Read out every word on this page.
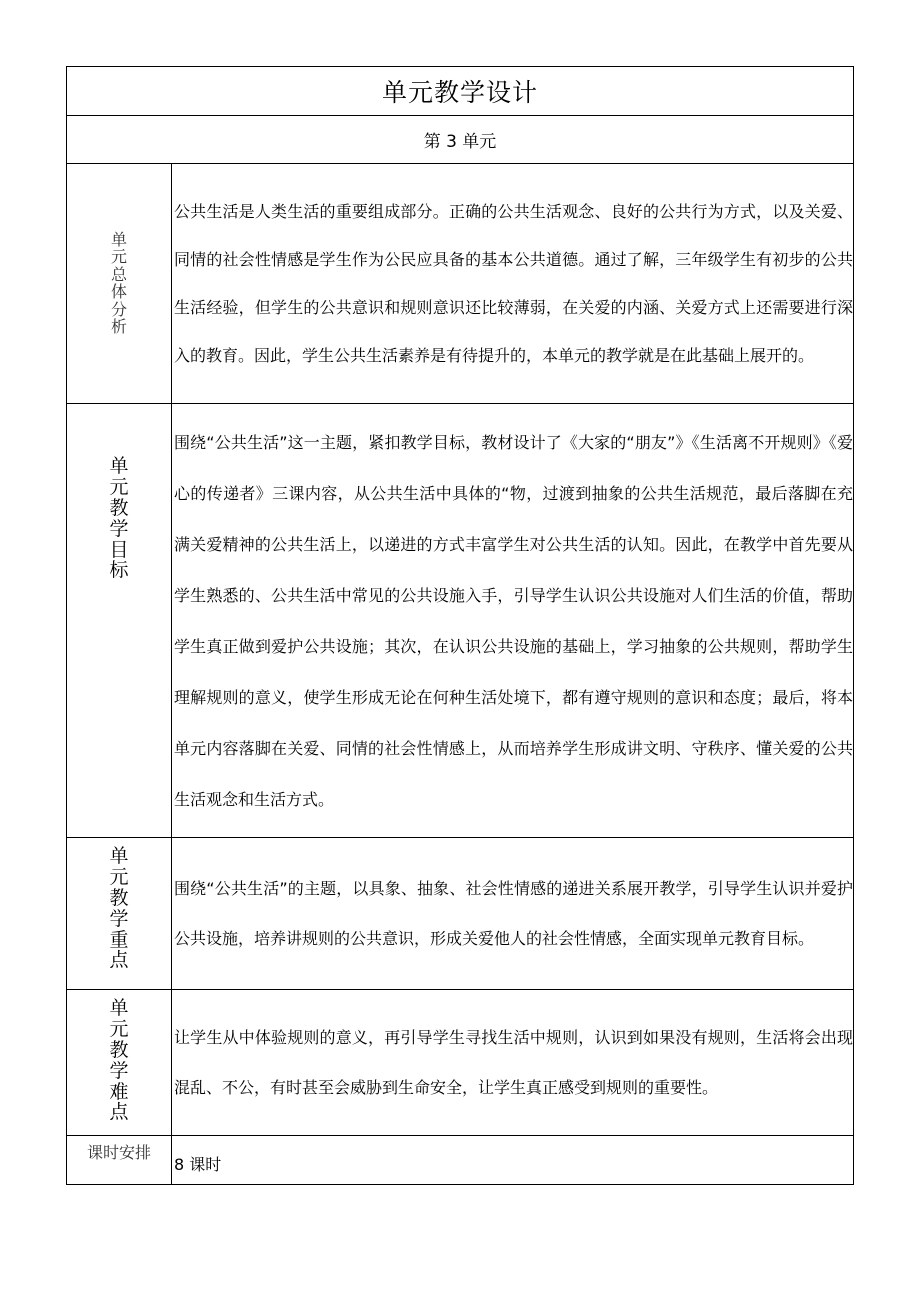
单元教学设计	
第 3 单元	
单元总体分析	公共生活是人类生活的重要组成部分。正确的公共生活观念、良好的公共行为方式，以及关爱、同情的社会性情感是学生作为公民应具备的基本公共道德。通过了解，三年级学生有初步的公共生活经验，但学生的公共意识和规则意识还比较薄弱，在关爱的内涵、关爱方式上还需要进行深入的教育。因此，学生公共生活素养是有待提升的，本单元的教学就是在此基础上展开的。
单元教学目标	围绕“公共生活”这一主题，紧扣教学目标，教材设计了《大家的“朋友”》《生活离不开规则》《爱心的传递者》三课内容，从公共生活中具体的“物，过渡到抽象的公共生活规范，最后落脚在充满关爱精神的公共生活上，以递进的方式丰富学生对公共生活的认知。因此，在教学中首先要从学生熟悉的、公共生活中常见的公共设施入手，引导学生认识公共设施对人们生活的价值，帮助学生真正做到爱护公共设施；其次，在认识公共设施的基础上，学习抽象的公共规则，帮助学生理解规则的意义，使学生形成无论在何种生活处境下，都有遵守规则的意识和态度；最后，将本单元内容落脚在关爱、同情的社会性情感上，从而培养学生形成讲文明、守秩序、懂关爱的公共生活观念和生活方式。
单元教学重点	围绕“公共生活”的主题，以具象、抽象、社会性情感的递进关系展开教学，引导学生认识并爱护公共设施，培养讲规则的公共意识，形成关爱他人的社会性情感，全面实现单元教育目标。
单元教学难点	让学生从中体验规则的意义，再引导学生寻找生活中规则，认识到如果没有规则，生活将会出现混乱、不公，有时甚至会威胁到生命安全，让学生真正感受到规则的重要性。
课时安排	8 课时
